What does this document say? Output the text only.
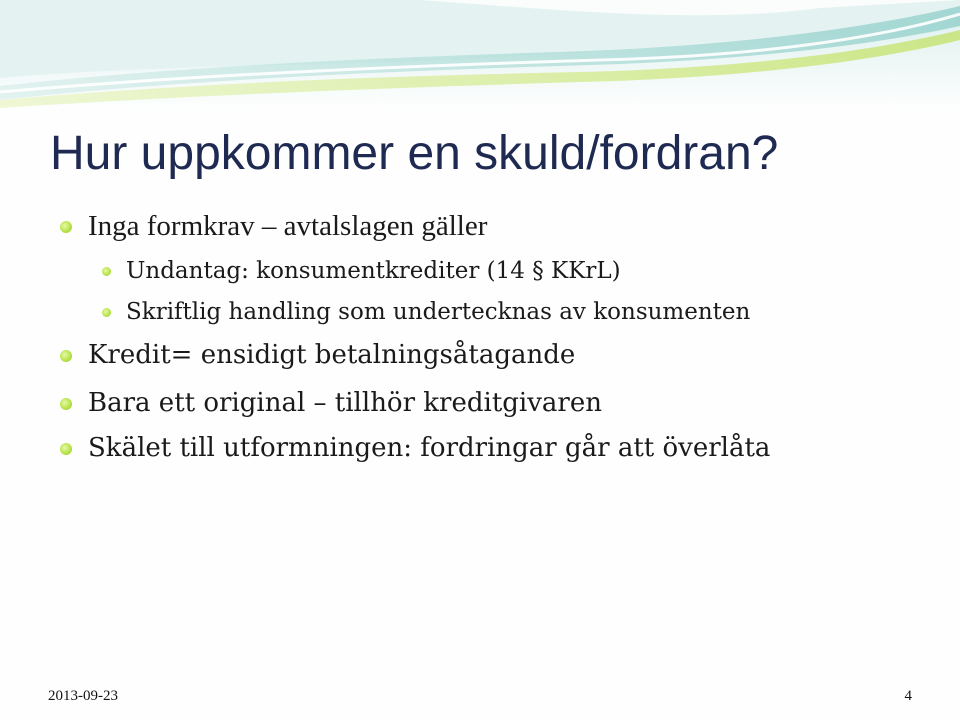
Hur uppkommer en skuld/fordran?
Inga formkrav – avtalslagen gäller
Undantag: konsumentkrediter (14 § KKrL)
Skriftlig handling som undertecknas av konsumenten
Kredit= ensidigt betalningsåtagande
Bara ett original – tillhör kreditgivaren
Skälet till utformningen: fordringar går att överlåta
2013-09-23	4
